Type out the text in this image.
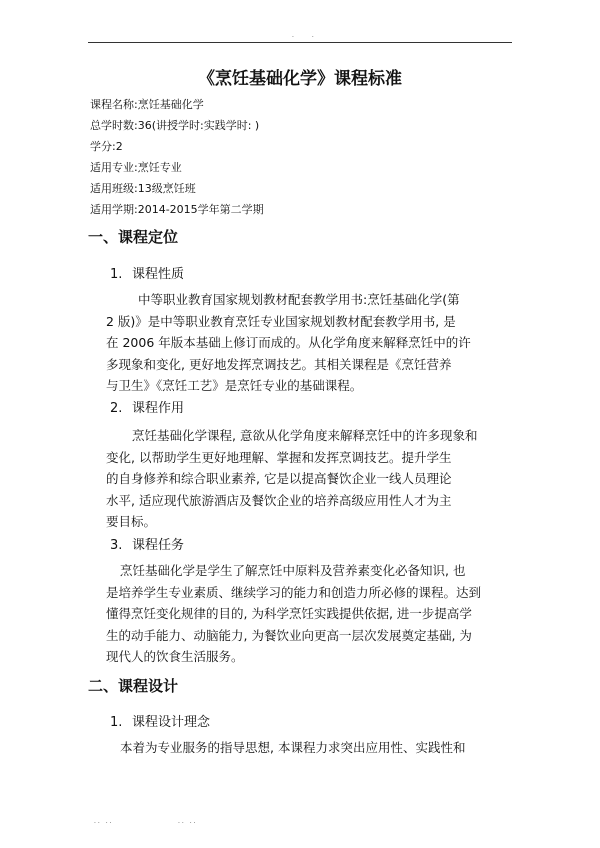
· ·
《烹饪基础化学》课程标准
课程名称:烹饪基础化学
总学时数:36(讲授学时:实践学时: )
学分:2
适用专业:烹饪专业
适用班级:13级烹饪班
适用学期:2014-2015学年第二学期
一、课程定位
1. 课程性质
中等职业教育国家规划教材配套教学用书:烹饪基础化学(第
2 版)》是中等职业教育烹饪专业国家规划教材配套教学用书, 是
在 2006 年版本基础上修订而成的。从化学角度来解释烹饪中的许
多现象和变化, 更好地发挥烹调技艺。其相关课程是《烹饪营养
与卫生》《烹饪工艺》是烹饪专业的基础课程。
2. 课程作用
烹饪基础化学课程, 意欲从化学角度来解释烹饪中的许多现象和
变化, 以帮助学生更好地理解、掌握和发挥烹调技艺。提升学生
的自身修养和综合职业素养, 它是以提高餐饮企业一线人员理论
水平, 适应现代旅游酒店及餐饮企业的培养高级应用性人才为主
要目标。
3. 课程任务
烹饪基础化学是学生了解烹饪中原料及营养素变化必备知识, 也
是培养学生专业素质、继续学习的能力和创造力所必修的课程。达到
懂得烹饪变化规律的目的, 为科学烹饪实践提供依据, 进一步提高学
生的动手能力、动脑能力, 为餐饮业向更高一层次发展奠定基础, 为
现代人的饮食生活服务。
二、课程设计
1. 课程设计理念
本着为专业服务的指导思想, 本课程力求突出应用性、实践性和
.. ..	.. ..
